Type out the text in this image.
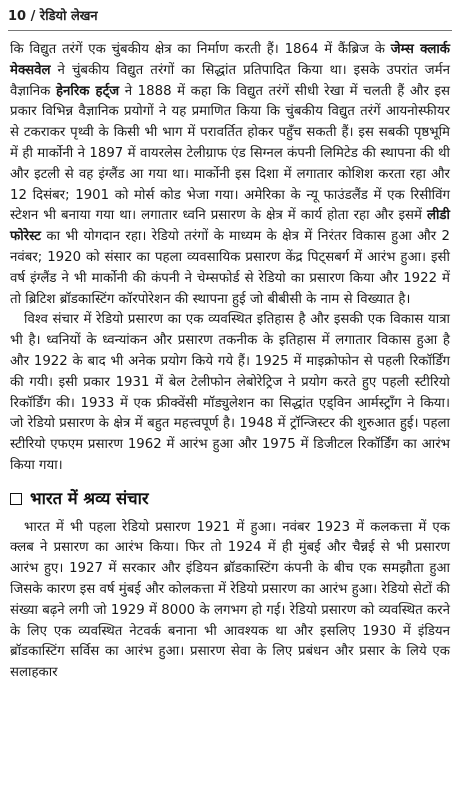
10 / रेडियो लेखन

कि विद्युत तरंगें एक चुंबकीय क्षेत्र का निर्माण करती हैं। 1864 में कैंब्रिज के जेम्स क्लार्क मेक्सवेल ने चुंबकीय विद्युत तरंगों का सिद्धांत प्रतिपादित किया था। इसके उपरांत जर्मन वैज्ञानिक हेनरिक हर्ट्ज ने 1888 में कहा कि विद्युत तरंगें सीधी रेखा में चलती हैं और इस प्रकार विभिन्न वैज्ञानिक प्रयोगों ने यह प्रमाणित किया कि चुंबकीय विद्युत तरंगें आयनोस्फीयर से टकराकर पृथ्वी के किसी भी भाग में परावर्तित होकर पहुँच सकती हैं। इस सबकी पृष्ठभूमि में ही मार्कोनी ने 1897 में वायरलेस टेलीग्राफ एंड सिग्नल कंपनी लिमिटेड की स्थापना की थी और इटली से वह इंग्लैंड आ गया था। मार्कोनी इस दिशा में लगातार कोशिश करता रहा और 12 दिसंबर; 1901 को मोर्स कोड भेजा गया। अमेरिका के न्यू फाउंडलैंड में एक रिसीविंग स्टेशन भी बनाया गया था। लगातार ध्वनि प्रसारण के क्षेत्र में कार्य होता रहा और इसमें लीडी फोरेस्ट का भी योगदान रहा। रेडियो तरंगों के माध्यम के क्षेत्र में निरंतर विकास हुआ और 2 नवंबर; 1920 को संसार का पहला व्यवसायिक प्रसारण केंद्र पिट्सबर्ग में आरंभ हुआ। इसी वर्ष इंग्लैंड ने भी मार्कोनी की कंपनी ने चेम्सफोर्ड से रेडियो का प्रसारण किया और 1922 में तो ब्रिटिश ब्रॉडकास्टिंग कॉरपोरेशन की स्थापना हुई जो बीबीसी के नाम से विख्यात है।

विश्व संचार में रेडियो प्रसारण का एक व्यवस्थित इतिहास है और इसकी एक विकास यात्रा भी है। ध्वनियों के ध्वन्यांकन और प्रसारण तकनीक के इतिहास में लगातार विकास हुआ है और 1922 के बाद भी अनेक प्रयोग किये गये हैं। 1925 में माइक्रोफोन से पहली रिकॉर्डिंग की गयी। इसी प्रकार 1931 में बेल टेलीफोन लेबोरेट्रिज ने प्रयोग करते हुए पहली स्टीरियो रिकॉर्डिंग की। 1933 में एक फ्रीक्वेंसी मॉड्युलेशन का सिद्धांत एड्विन आर्मस्ट्रॉंग ने किया। जो रेडियो प्रसारण के क्षेत्र में बहुत महत्त्वपूर्ण है। 1948 में ट्रॉन्जिस्टर की शुरुआत हुई। पहला स्टीरियो एफएम प्रसारण 1962 में आरंभ हुआ और 1975 में डिजीटल रिकॉर्डिंग का आरंभ किया गया।

भारत में श्रव्य संचार

भारत में भी पहला रेडियो प्रसारण 1921 में हुआ। नवंबर 1923 में कलकत्ता में एक क्लब ने प्रसारण का आरंभ किया। फिर तो 1924 में ही मुंबई और चैन्नई से भी प्रसारण आरंभ हुए। 1927 में सरकार और इंडियन ब्रॉडकास्टिंग कंपनी के बीच एक समझौता हुआ जिसके कारण इस वर्ष मुंबई और कोलकत्ता में रेडियो प्रसारण का आरंभ हुआ। रेडियो सेटों की संख्या बढ़ने लगी जो 1929 में 8000 के लगभग हो गई। रेडियो प्रसारण को व्यवस्थित करने के लिए एक व्यवस्थित नेटवर्क बनाना भी आवश्यक था और इसलिए 1930 में इंडियन ब्रॉडकास्टिंग सर्विस का आरंभ हुआ। प्रसारण सेवा के लिए प्रबंधन और प्रसार के लिये एक सलाहकार
